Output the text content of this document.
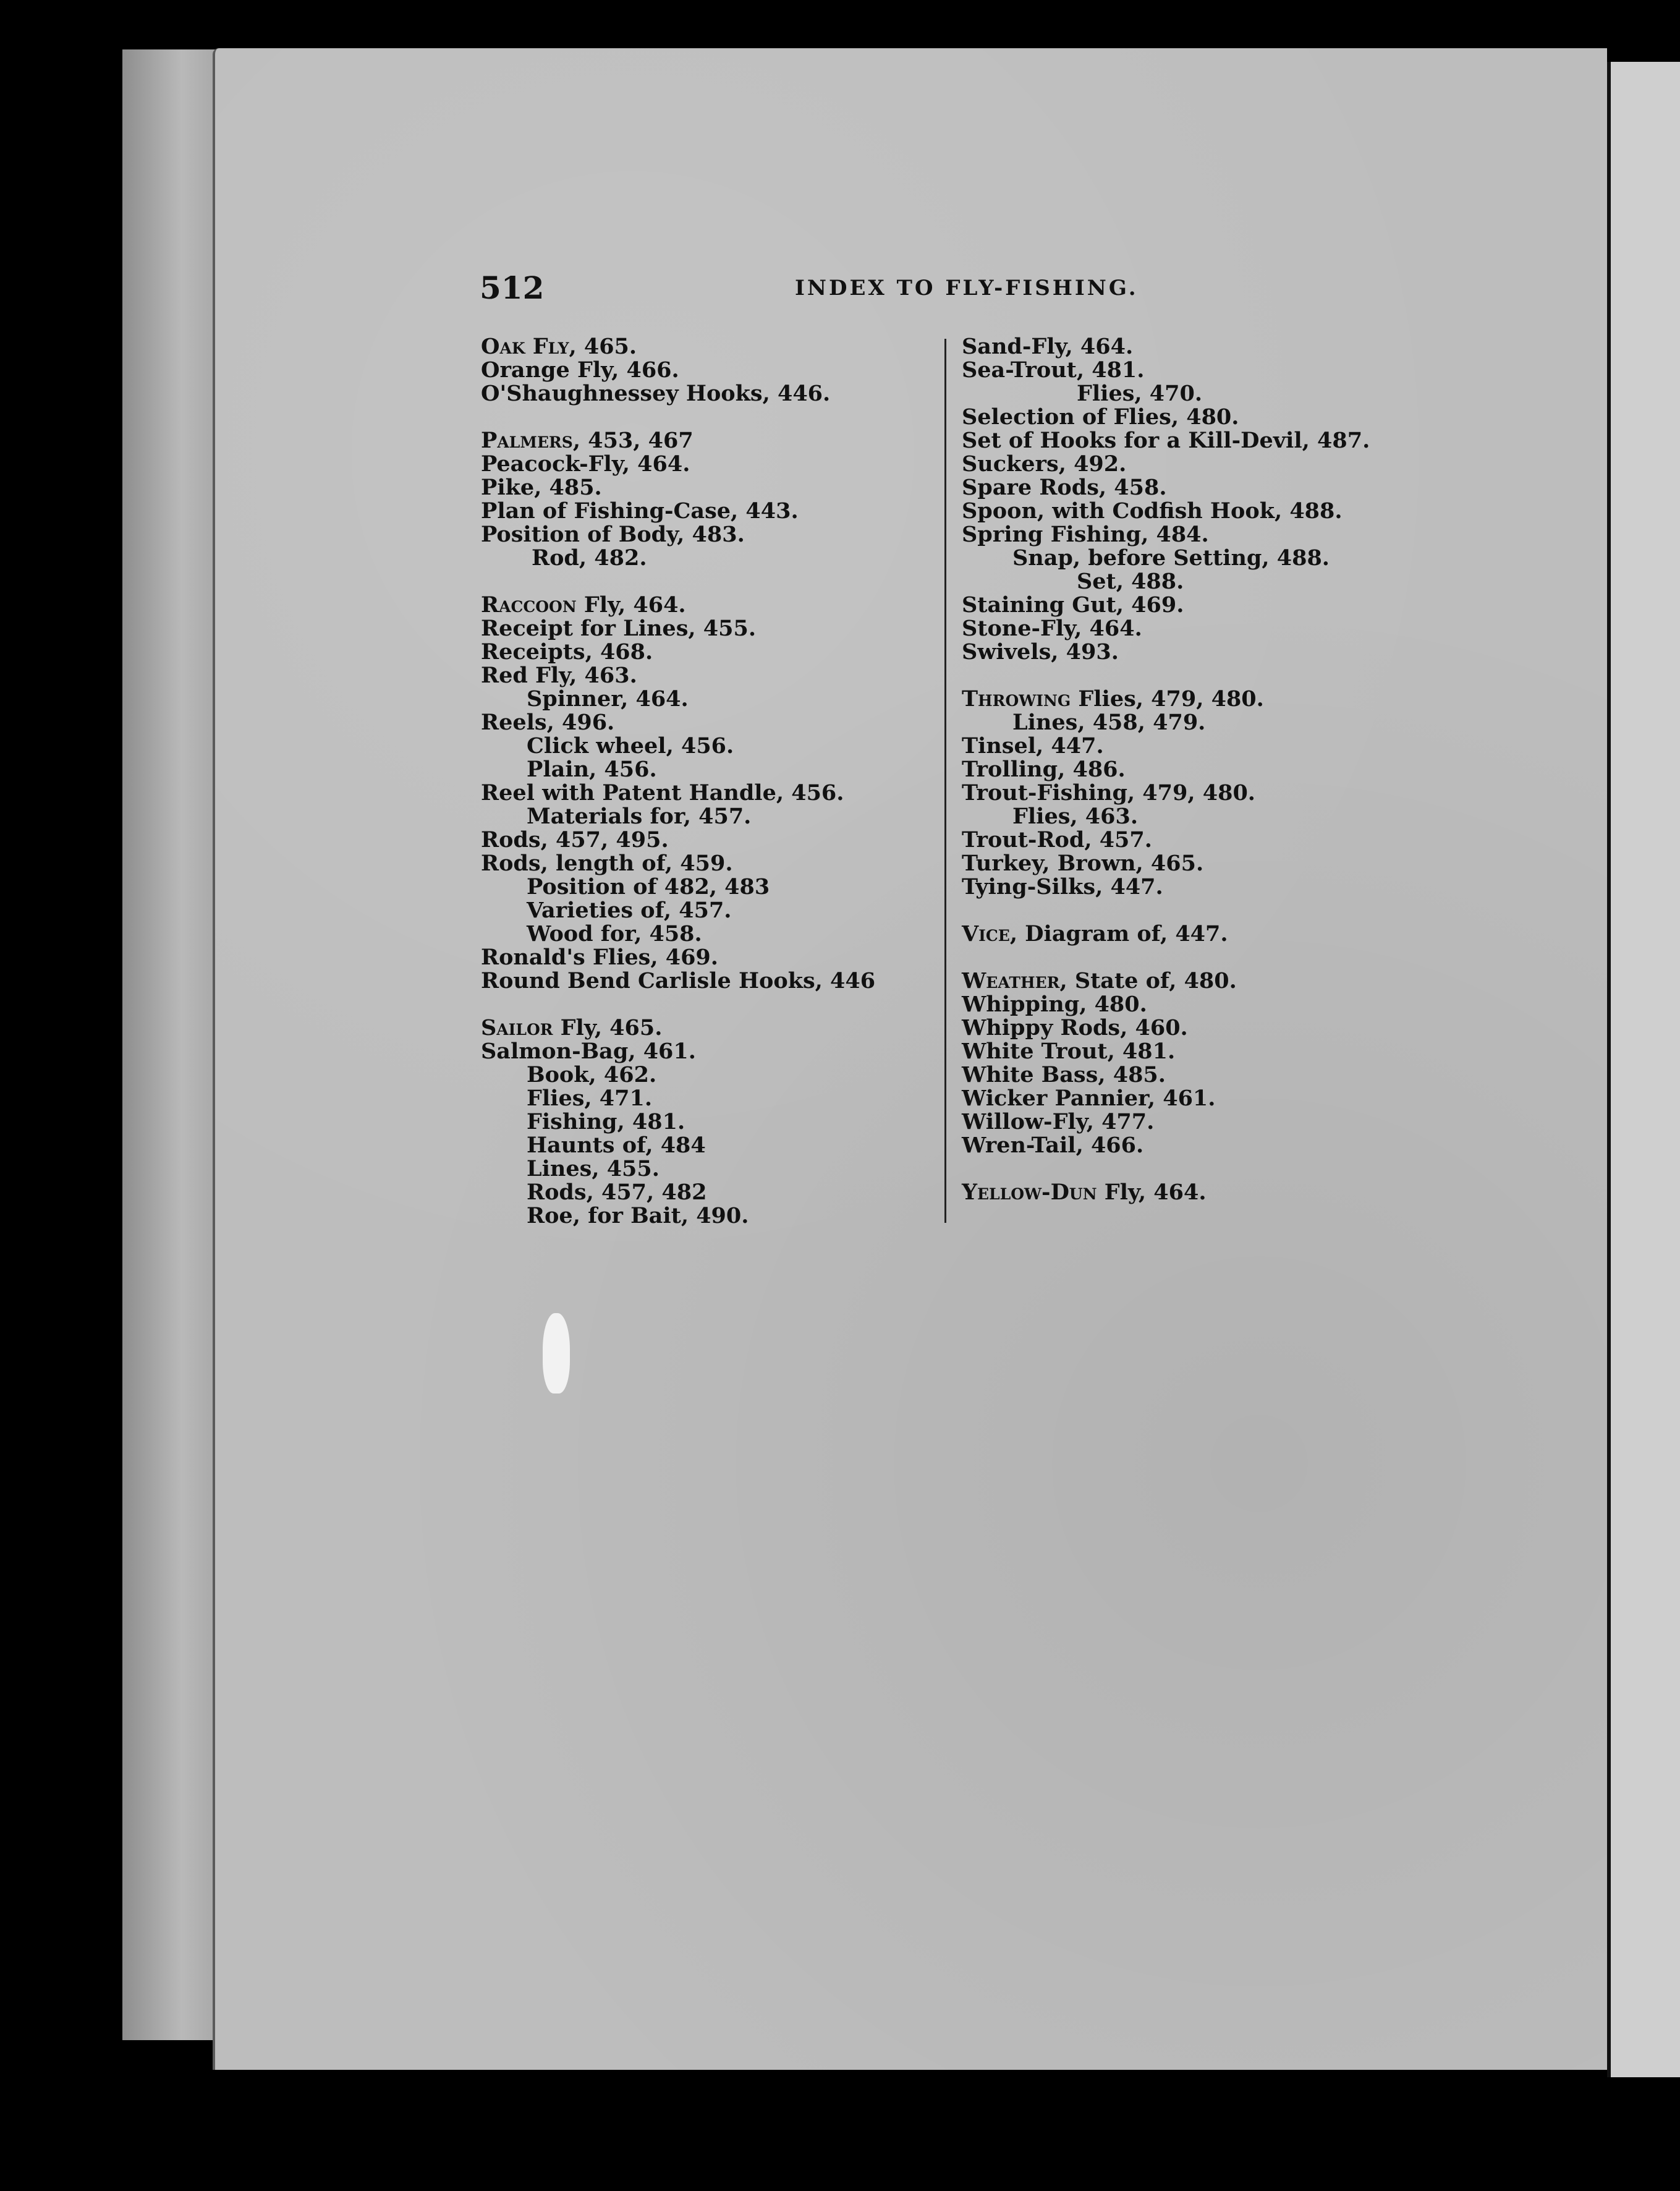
512	INDEX TO FLY-FISHING.
Oak Fly, 465.
Orange Fly, 466.
O'Shaughnessey Hooks, 446.
Palmers, 453, 467
Peacock-Fly, 464.
Pike, 485.
Plan of Fishing-Case, 443.
Position of Body, 483.
Rod, 482.
Raccoon Fly, 464.
Receipt for Lines, 455.
Receipts, 468.
Red Fly, 463.
Spinner, 464.
Reels, 496.
Click wheel, 456.
Plain, 456.
Reel with Patent Handle, 456.
Materials for, 457.
Rods, 457, 495.
Rods, length of, 459.
Position of 482, 483
Varieties of, 457.
Wood for, 458.
Ronald's Flies, 469.
Round Bend Carlisle Hooks, 446
Sailor Fly, 465.
Salmon-Bag, 461.
Book, 462.
Flies, 471.
Fishing, 481.
Haunts of, 484
Lines, 455.
Rods, 457, 482
Roe, for Bait, 490.
Sand-Fly, 464.
Sea-Trout, 481.
Flies, 470.
Selection of Flies, 480.
Set of Hooks for a Kill-Devil, 487.
Suckers, 492.
Spare Rods, 458.
Spoon, with Codfish Hook, 488.
Spring Fishing, 484.
Snap, before Setting, 488.
Set, 488.
Staining Gut, 469.
Stone-Fly, 464.
Swivels, 493.
Throwing Flies, 479, 480.
Lines, 458, 479.
Tinsel, 447.
Trolling, 486.
Trout-Fishing, 479, 480.
Flies, 463.
Trout-Rod, 457.
Turkey, Brown, 465.
Tying-Silks, 447.
Vice, Diagram of, 447.
Weather, State of, 480.
Whipping, 480.
Whippy Rods, 460.
White Trout, 481.
White Bass, 485.
Wicker Pannier, 461.
Willow-Fly, 477.
Wren-Tail, 466.
Yellow-Dun Fly, 464.
